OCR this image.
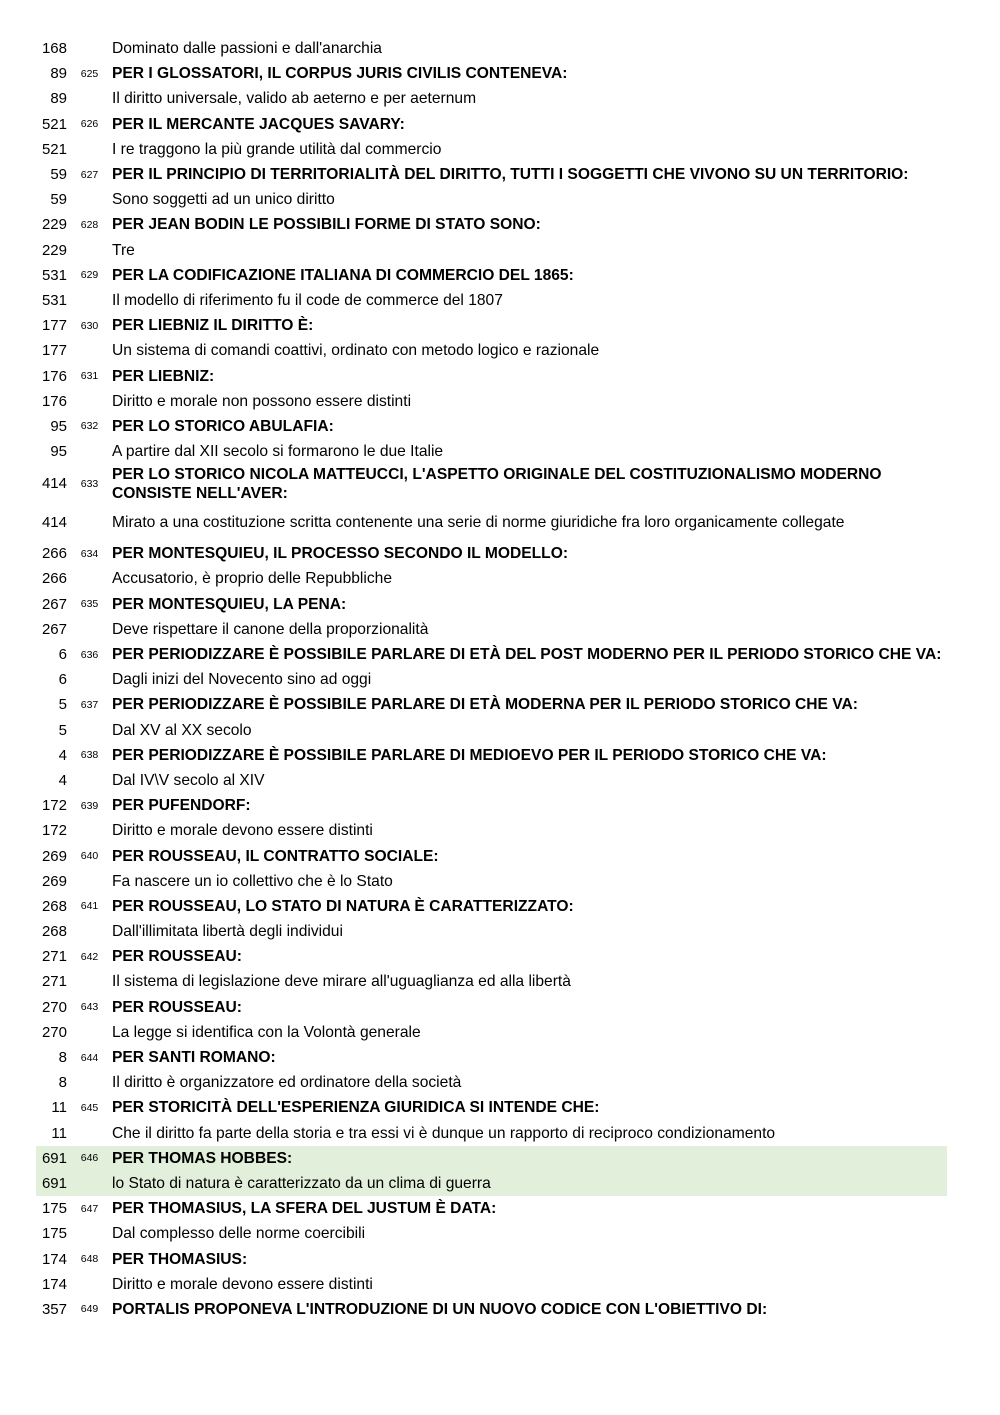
168	Dominato dalle passioni e dall'anarchia
89	625 PER I GLOSSATORI, IL CORPUS JURIS CIVILIS CONTENEVA:
89	Il diritto universale, valido ab aeterno e per aeternum
521	626 PER IL MERCANTE JACQUES SAVARY:
521	I re traggono la più grande utilità dal commercio
59	627 PER IL PRINCIPIO DI TERRITORIALITÀ DEL DIRITTO, TUTTI I SOGGETTI CHE VIVONO SU UN TERRITORIO:
59	Sono soggetti ad un unico diritto
229	628 PER JEAN BODIN LE POSSIBILI FORME DI STATO SONO:
229	Tre
531	629 PER LA CODIFICAZIONE ITALIANA DI COMMERCIO DEL 1865:
531	Il modello di riferimento fu il code de commerce del 1807
177	630 PER LIEBNIZ IL DIRITTO È:
177	Un sistema di comandi coattivi, ordinato con metodo logico e razionale
176	631 PER LIEBNIZ:
176	Diritto e morale non possono essere distinti
95	632 PER LO STORICO ABULAFIA:
95	A partire dal XII secolo si formarono le due Italie
414	633
PER LO STORICO NICOLA MATTEUCCI, L'ASPETTO ORIGINALE DEL COSTITUZIONALISMO MODERNO CONSISTE NELL'AVER:
414	Mirato a una costituzione scritta contenente una serie di norme giuridiche fra loro organicamente collegate
266	634 PER MONTESQUIEU, IL PROCESSO SECONDO IL MODELLO:
266	Accusatorio, è proprio delle Repubbliche
267	635 PER MONTESQUIEU, LA PENA:
267	Deve rispettare il canone della proporzionalità
6	636 PER PERIODIZZARE È POSSIBILE PARLARE DI ETÀ DEL POST MODERNO PER IL PERIODO STORICO CHE VA:
6	Dagli inizi del Novecento sino ad oggi
5	637 PER PERIODIZZARE È POSSIBILE PARLARE DI ETÀ MODERNA PER IL PERIODO STORICO CHE VA:
5	Dal XV al XX secolo
4	638 PER PERIODIZZARE È POSSIBILE PARLARE DI MEDIOEVO PER IL PERIODO STORICO CHE VA:
4	Dal IV\V secolo al XIV
172	639 PER PUFENDORF:
172	Diritto e morale devono essere distinti
269	640 PER ROUSSEAU, IL CONTRATTO SOCIALE:
269	Fa nascere un io collettivo che è lo Stato
268	641 PER ROUSSEAU, LO STATO DI NATURA È CARATTERIZZATO:
268	Dall'illimitata libertà degli individui
271	642 PER ROUSSEAU:
271	Il sistema di legislazione deve mirare all'uguaglianza ed alla libertà
270	643 PER ROUSSEAU:
270	La legge si identifica con la Volontà generale
8	644 PER SANTI ROMANO:
8	Il diritto è organizzatore ed ordinatore della società
11	645 PER STORICITÀ DELL'ESPERIENZA GIURIDICA SI INTENDE CHE:
11	Che il diritto fa parte della storia e tra essi vi è dunque un rapporto di reciproco condizionamento
691	646 PER THOMAS HOBBES:
691	lo Stato di natura è caratterizzato da un clima di guerra
175	647 PER THOMASIUS, LA SFERA DEL JUSTUM È DATA:
175	Dal complesso delle norme coercibili
174	648 PER THOMASIUS:
174	Diritto e morale devono essere distinti
357	649 PORTALIS PROPONEVA L'INTRODUZIONE DI UN NUOVO CODICE CON L'OBIETTIVO DI:
